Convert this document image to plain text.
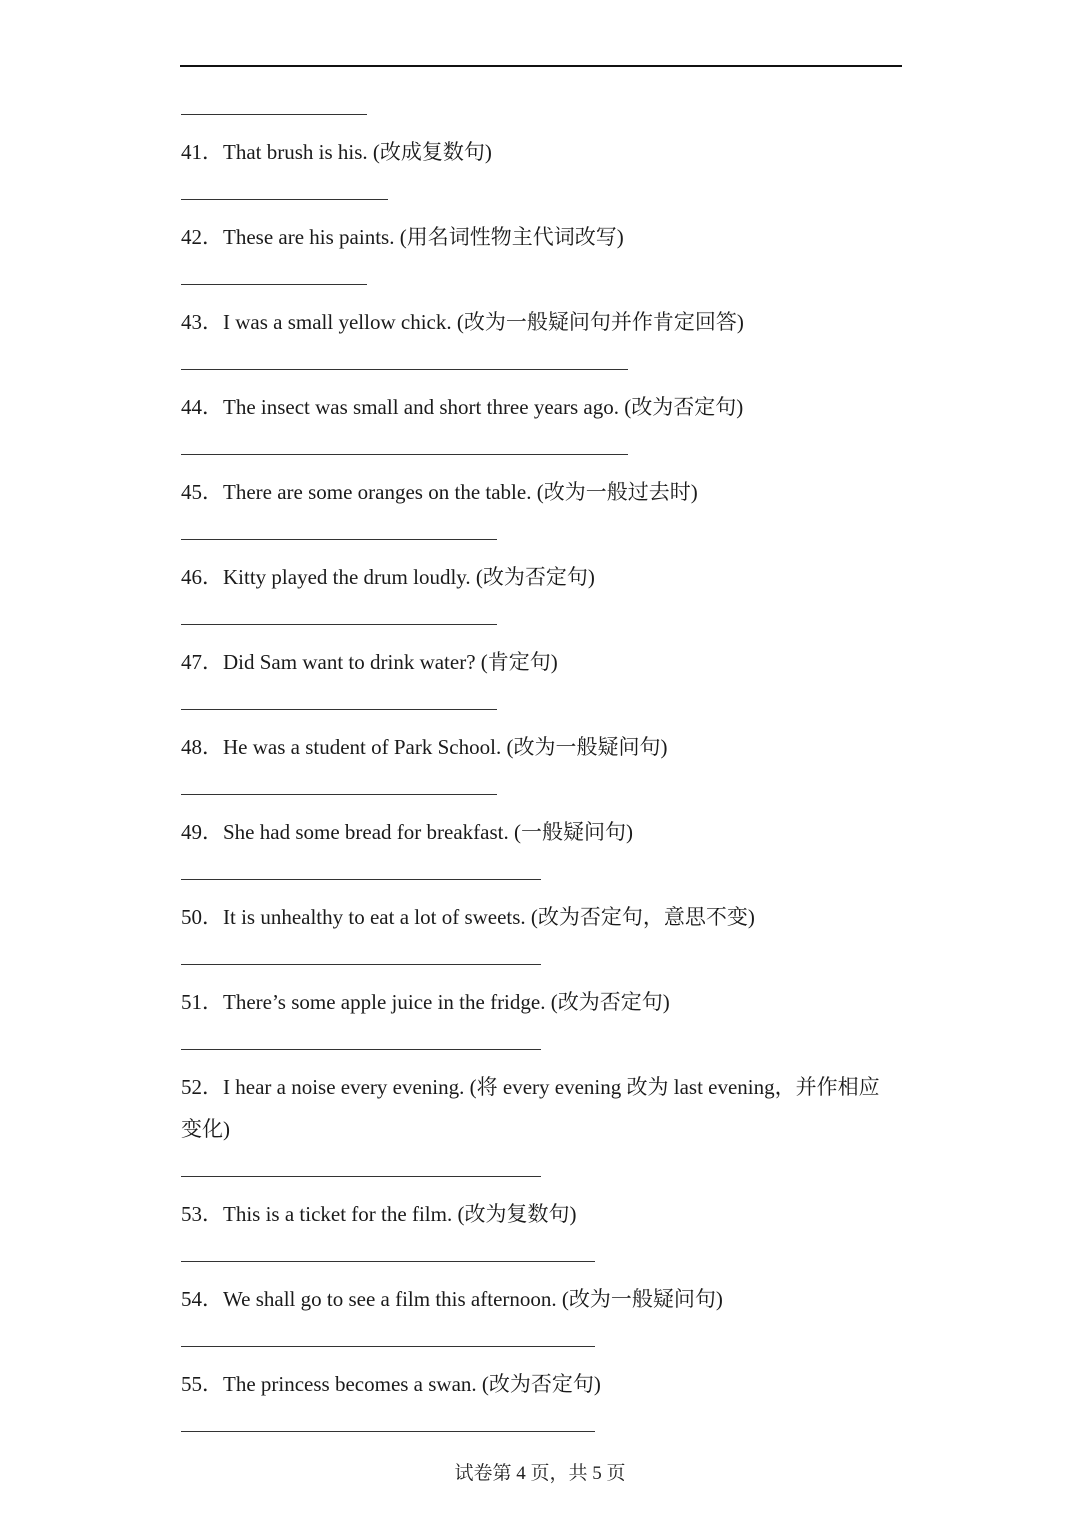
41．That brush is his. (改成复数句)
42．These are his paints. (用名词性物主代词改写)
43．I was a small yellow chick. (改为一般疑问句并作肯定回答)
44．The insect was small and short three years ago. (改为否定句)
45．There are some oranges on the table. (改为一般过去时)
46．Kitty played the drum loudly. (改为否定句)
47．Did Sam want to drink water? (肯定句)
48．He was a student of Park School. (改为一般疑问句)
49．She had some bread for breakfast. (一般疑问句)
50．It is unhealthy to eat a lot of sweets. (改为否定句，意思不变)
51．There’s some apple juice in the fridge. (改为否定句)
52．I hear a noise every evening. (将 every evening 改为 last evening，并作相应变化)
53．This is a ticket for the film. (改为复数句)
54．We shall go to see a film this afternoon. (改为一般疑问句)
55．The princess becomes a swan. (改为否定句)
试卷第 4 页，共 5 页
